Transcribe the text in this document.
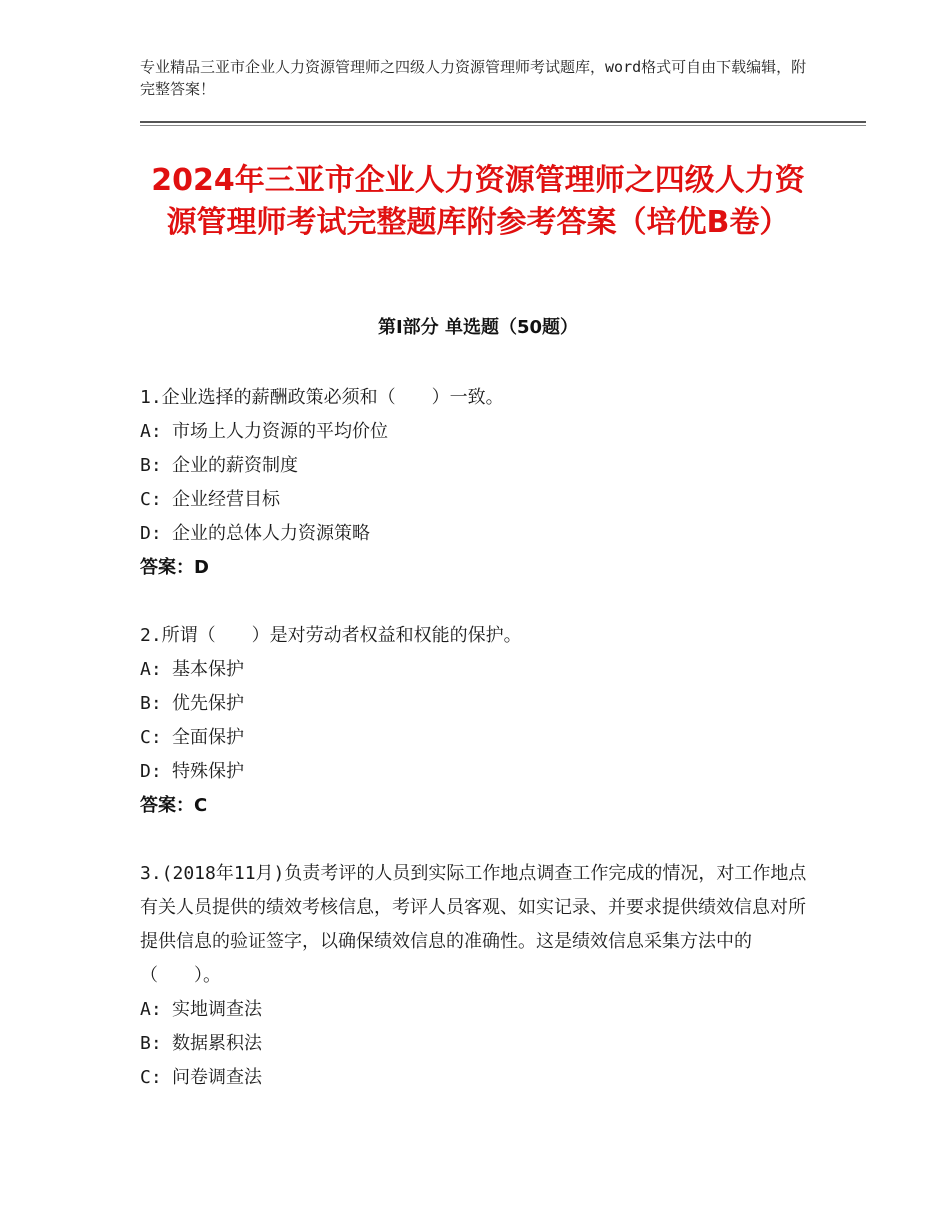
专业精品三亚市企业人力资源管理师之四级人力资源管理师考试题库，word格式可自由下载编辑，附完整答案！
2024年三亚市企业人力资源管理师之四级人力资源管理师考试完整题库附参考答案（培优B卷）
第Ⅰ部分 单选题（50题）

1.企业选择的薪酬政策必须和（　　）一致。

A: 市场上人力资源的平均价位

B: 企业的薪资制度

C: 企业经营目标

D: 企业的总体人力资源策略

答案：D

2.所谓（　　）是对劳动者权益和权能的保护。

A: 基本保护

B: 优先保护

C: 全面保护

D: 特殊保护

答案：C

3.(2018年11月)负责考评的人员到实际工作地点调查工作完成的情况，对工作地点有关人员提供的绩效考核信息，考评人员客观、如实记录、并要求提供绩效信息对所提供信息的验证签字，以确保绩效信息的准确性。这是绩效信息采集方法中的（　　）。

A: 实地调查法

B: 数据累积法

C: 问卷调查法
